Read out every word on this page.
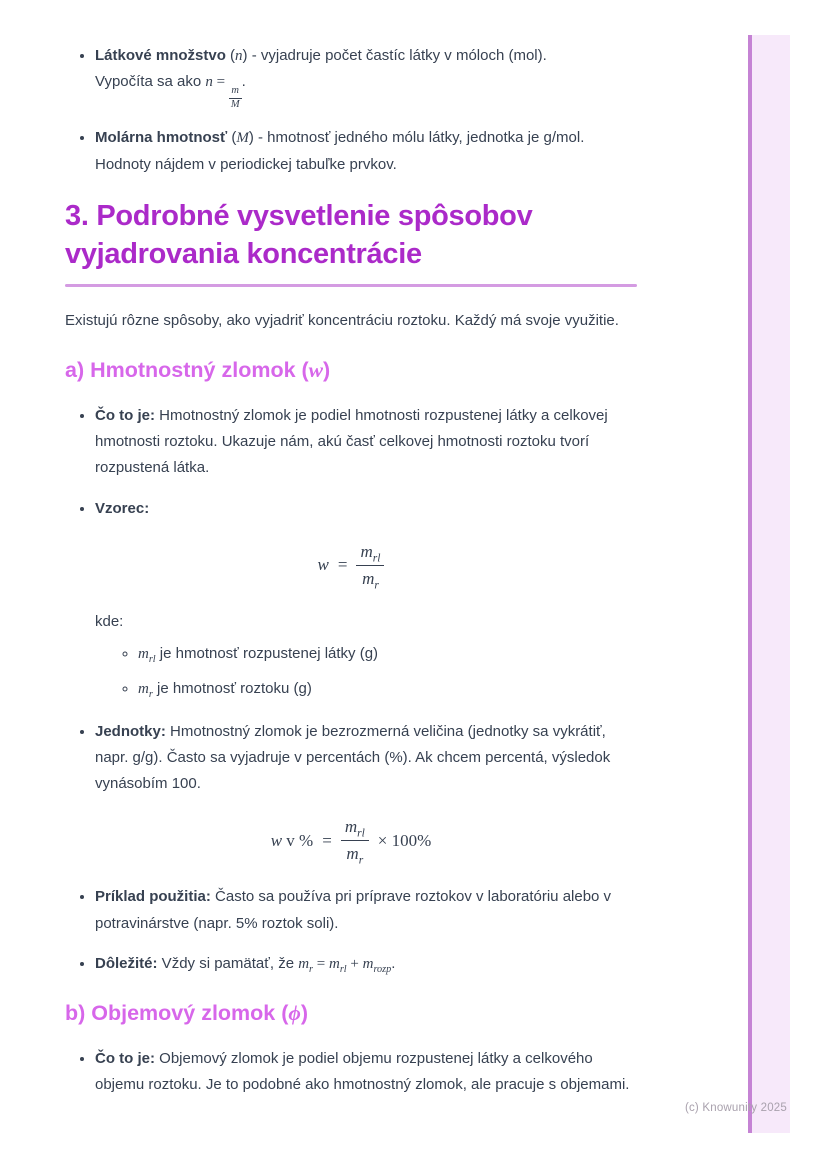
(c) Knowunity 2025
• Látkové množstvo (n) - vyjadruje počet častíc látky v móloch (mol).
Vypočíta sa ako n =
$\frac{m}{M}$
.
• Molárna hmotnosť (M) - hmotnosť jedného mólu látky, jednotka je g/mol. Hodnoty nájdem v periodickej tabuľke prvkov.
3. Podrobné vysvetlenie spôsobov vyjadrovania koncentrácie

Existujú rôzne spôsoby, ako vyjadriť koncentráciu roztoku. Každý má svoje využitie.

a) Hmotnostný zlomok (w)
• Čo to je: Hmotnostný zlomok je podiel hmotnosti rozpustenej látky a celkovej hmotnosti roztoku. Ukazuje nám, akú časť celkovej hmotnosti roztoku tvorí rozpustená látka.
• Vzorec:
$w = \frac{m_{rl}}{m_r}$
kde:
◦ $m_{rl}$ je hmotnosť rozpustenej látky (g)
◦ $m_r$ je hmotnosť roztoku (g)
• Jednotky: Hmotnostný zlomok je bezrozmerná veličina (jednotky sa vykrátiť, napr. g/g). Často sa vyjadruje v percentách (%). Ak chcem percentá, výsledok vynásobím 100.
w v % = $\frac{m_{rl}}{m_r} \times 100\%$
• Príklad použitia: Často sa používa pri príprave roztokov v laboratóriu alebo v potravinárstve (napr. 5% roztok soli).
• Dôležité: Vždy si pamätať, že $m_r = m_{rl} + m_{rozp}$.
b) Objemový zlomok (ϕ)
• Čo to je: Objemový zlomok je podiel objemu rozpustenej látky a celkového objemu roztoku. Je to podobné ako hmotnostný zlomok, ale pracuje s objemami.
